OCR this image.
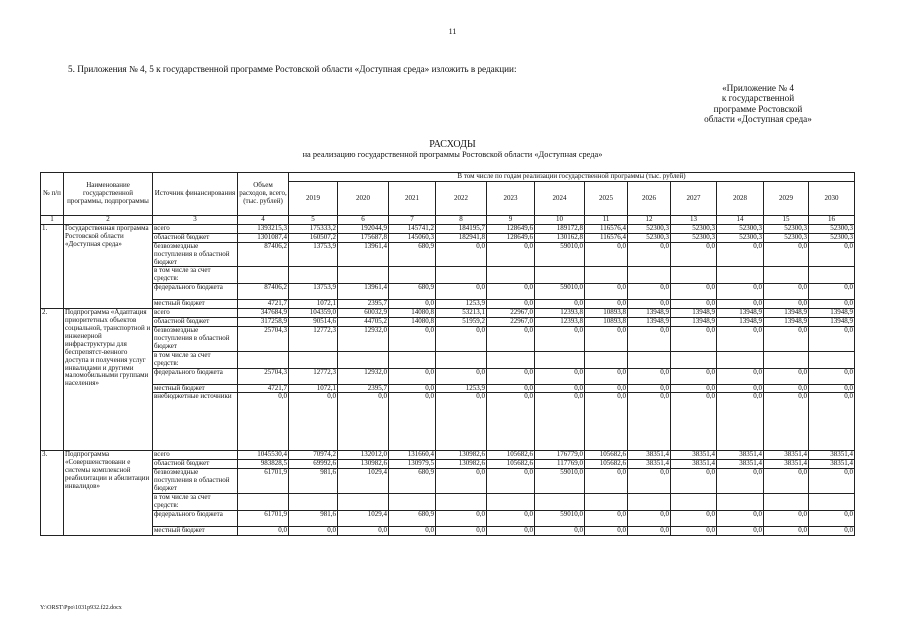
11
5. Приложения № 4, 5 к государственной программе Ростовской области «Доступная среда» изложить в редакции:
«Приложение № 4
к государственной
программе Ростовской
области «Доступная среда»
РАСХОДЫ
на реализацию государственной программы Ростовской области «Доступная среда»
№ п/п	Наименование государственной программы, подпрограммы	Источник финансирования	Объем расходов, всего, (тыс. рублей)	В том числе по годам реализации государственной программы (тыс. рублей)											
				2019	2020	2021	2022	2023	2024	2025	2026	2027	2028	2029	2030
1	2	3	4	5	6	7	8	9	10	11	12	13	14	15	16
1.	Государственная программа Ростовской области «Доступная среда»	всего	1393215,3	175333,2	192044,9	145741,2	184195,7	128649,6	189172,8	116576,4	52300,3	52300,3	52300,3	52300,3	52300,3
		областной бюджет	1301087,4	160507,2	175687,8	145060,3	182941,8	128649,6	130162,8	116576,4	52300,3	52300,3	52300,3	52300,3	52300,3
		безвозмездные поступления в областной бюджет	87406,2	13753,9	13961,4	680,9	0,0	0,0	59010,0	0,0	0,0	0,0	0,0	0,0	0,0
		в том числе за счет средств:													
		федерального бюджета	87406,2	13753,9	13961,4	680,9	0,0	0,0	59010,0	0,0	0,0	0,0	0,0	0,0	0,0
		местный бюджет	4721,7	1072,1	2395,7	0,0	1253,9	0,0	0,0	0,0	0,0	0,0	0,0	0,0	0,0
2.	Подпрограмма «Адаптация приоритетных объектов социальной, транспортной и инженерной инфраструктуры для беспрепятст-венного доступа и получения услуг инвалидами и другими маломобильными группами населения»	всего	347684,9	104359,0	60032,9	14080,8	53213,1	22967,0	12393,8	10893,8	13948,9	13948,9	13948,9	13948,9	13948,9
		областной бюджет	317258,9	90514,6	44705,2	14080,8	51959,2	22967,0	12393,8	10893,8	13948,9	13948,9	13948,9	13948,9	13948,9
		безвозмездные поступления в областной бюджет	25704,3	12772,3	12932,0	0,0	0,0	0,0	0,0	0,0	0,0	0,0	0,0	0,0	0,0
		в том числе за счет средств:													
		федерального бюджета	25704,3	12772,3	12932,0	0,0	0,0	0,0	0,0	0,0	0,0	0,0	0,0	0,0	0,0
		местный бюджет	4721,7	1072,1	2395,7	0,0	1253,9	0,0	0,0	0,0	0,0	0,0	0,0	0,0	0,0
		внебюджетные источники	0,0	0,0	0,0	0,0	0,0	0,0	0,0	0,0	0,0	0,0	0,0	0,0	0,0
3.	Подпрограмма «Совершенствовани е системы комплексной реабилитации и абилитации инвалидов»	всего	1045530,4	70974,2	132012,0	131660,4	130982,6	105682,6	176779,0	105682,6	38351,4	38351,4	38351,4	38351,4	38351,4
		областной бюджет	983828,5	69992,6	130982,6	130979,5	130982,6	105682,6	117769,0	105682,6	38351,4	38351,4	38351,4	38351,4	38351,4
		безвозмездные поступления в областной бюджет	61701,9	981,6	1029,4	680,9	0,0	0,0	59010,0	0,0	0,0	0,0	0,0	0,0	0,0
		в том числе за счет средств:													
		федерального бюджета	61701,9	981,6	1029,4	680,9	0,0	0,0	59010,0	0,0	0,0	0,0	0,0	0,0	0,0
		местный бюджет	0,0	0,0	0,0	0,0	0,0	0,0	0,0	0,0	0,0	0,0	0,0	0,0	0,0
Y:\ORST\Ppo\1031p932.f22.docx
